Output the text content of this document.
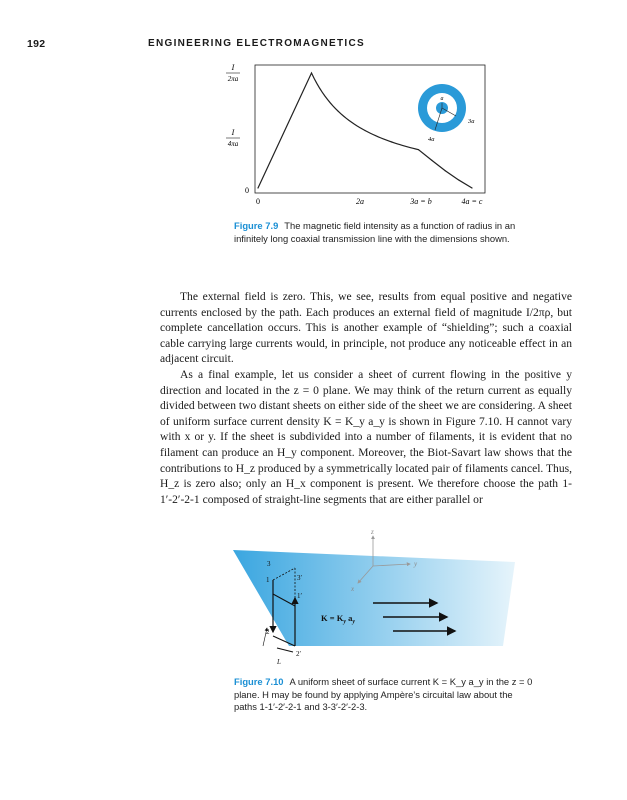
192	ENGINEERING ELECTROMAGNETICS
I
2πa
I
4πa
0
0	2a	3a = b	4a = c
a
3a
4a
Figure 7.9 The magnetic field intensity as a function of radius in an infinitely long coaxial transmission line with the dimensions shown.

The external field is zero. This, we see, results from equal positive and negative currents enclosed by the path. Each produces an external field of magnitude I/2πρ, but complete cancellation occurs. This is another example of “shielding”; such a coaxial cable carrying large currents would, in principle, not produce any noticeable effect in an adjacent circuit.

As a final example, let us consider a sheet of current flowing in the positive y direction and located in the z = 0 plane. We may think of the return current as equally divided between two distant sheets on either side of the sheet we are considering. A sheet of uniform surface current density K = K_y a_y is shown in Figure 7.10. H cannot vary with x or y. If the sheet is subdivided into a number of filaments, it is evident that no filament can produce an H_y component. Moreover, the Biot-Savart law shows that the contributions to H_z produced by a symmetrically located pair of filaments cancel. Thus, H_z is zero also; only an H_x component is present. We therefore choose the path 1-1′-2′-2-1 composed of straight-line segments that are either parallel or

z
y
x
$K = K_y$ $a_y$
3
3′
1
1′
2
2′
L
Figure 7.10 A uniform sheet of surface current K = K_y a_y in the z = 0 plane. H may be found by applying Ampère’s circuital law about the paths 1-1′-2′-2-1 and 3-3′-2′-2-3.
